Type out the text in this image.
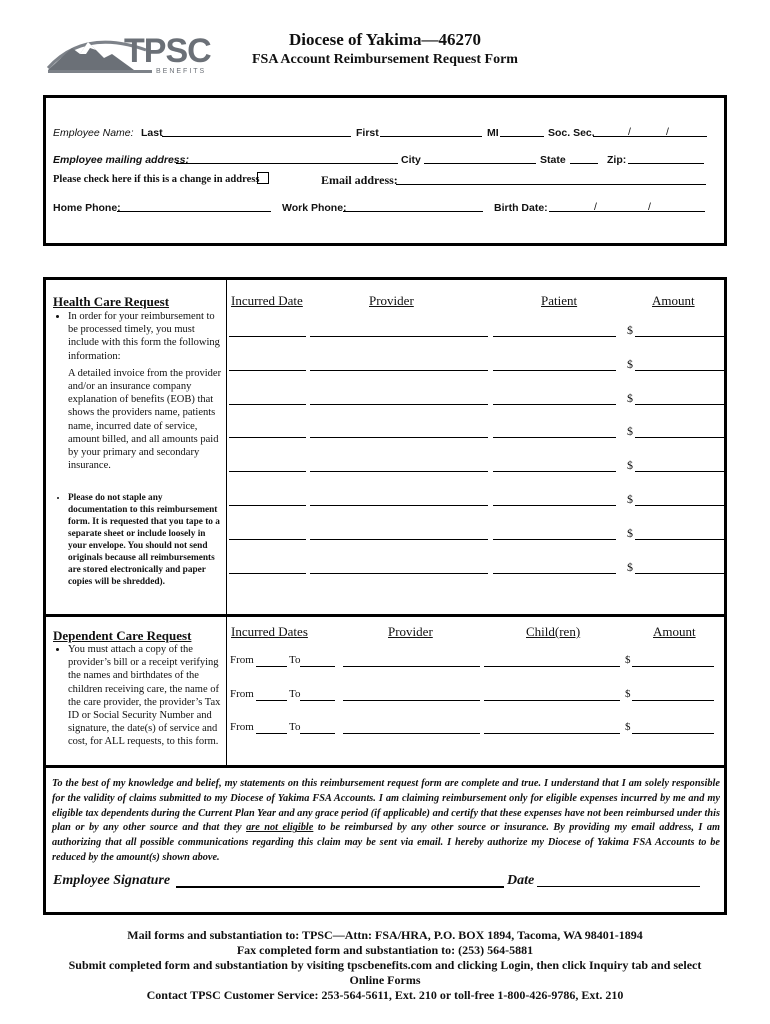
TPSC
BENEFITS
Diocese of Yakima—46270
FSA Account Reimbursement Request Form
Employee Name: Last	First	MI	Soc. Sec.	/	/
Employee mailing address:	City	State	Zip:
Please check here if this is a change in address	Email address:
Home Phone:	Work Phone:	Birth Date:	/	/
Health Care Request
• In order for your reimbursement to be processed timely, you must include with this form the following information:
A detailed invoice from the provider and/or an insurance company explanation of benefits (EOB) that shows the providers name, patients name, incurred date of service, amount billed, and all amounts paid by your primary and secondary insurance.
• Please do not staple any documentation to this reimbursement form. It is requested that you tape to a separate sheet or include loosely in your envelope. You should not send originals because all reimbursements are stored electronically and paper copies will be shredded).
Incurred Date	Provider	Patient	Amount
$
$
$
$
$
$
$
$
Dependent Care Request
• You must attach a copy of the provider’s bill or a receipt verifying the names and birthdates of the children receiving care, the name of the care provider, the provider’s Tax ID or Social Security Number and signature, the date(s) of service and cost, for ALL requests, to this form.
Incurred Dates	Provider	Child(ren)	Amount
From	To	$
From	To	$
From	To	$
To the best of my knowledge and belief, my statements on this reimbursement request form are complete and true. I understand that I am solely responsible for the validity of claims submitted to my Diocese of Yakima FSA Accounts. I am claiming reimbursement only for eligible expenses incurred by me and my eligible tax dependents during the Current Plan Year and any grace period (if applicable) and certify that these expenses have not been reimbursed under this plan or by any other source and that they are not eligible to be reimbursed by any other source or insurance. By providing my email address, I am authorizing that all possible communications regarding this claim may be sent via email. I hereby authorize my Diocese of Yakima FSA Accounts to be reduced by the amount(s) shown above.
Employee Signature	Date
Mail forms and substantiation to: TPSC—Attn: FSA/HRA, P.O. BOX 1894, Tacoma, WA 98401-1894
Fax completed form and substantiation to: (253) 564-5881
Submit completed form and substantiation by visiting tpscbenefits.com and clicking Login, then click Inquiry tab and select
Online Forms
Contact TPSC Customer Service: 253-564-5611, Ext. 210 or toll-free 1-800-426-9786, Ext. 210
